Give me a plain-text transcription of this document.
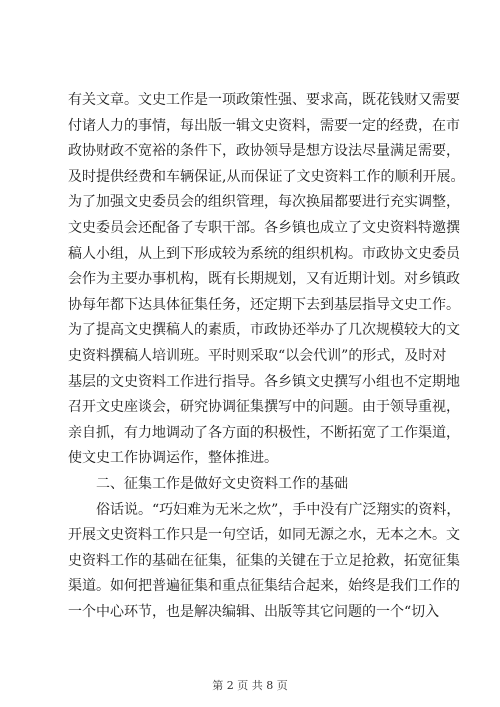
有关文章。文史工作是一项政策性强、要求高，既花钱财又需要
付诸人力的事情，每出版一辑文史资料，需要一定的经费，在市
政协财政不宽裕的条件下，政协领导是想方设法尽量满足需要，
及时提供经费和车辆保证,从而保证了文史资料工作的顺利开展。
为了加强文史委员会的组织管理，每次换届都要进行充实调整，
文史委员会还配备了专职干部。各乡镇也成立了文史资料特邀撰
稿人小组，从上到下形成较为系统的组织机构。市政协文史委员
会作为主要办事机构，既有长期规划，又有近期计划。对乡镇政
协每年都下达具体征集任务，还定期下去到基层指导文史工作。
为了提高文史撰稿人的素质，市政协还举办了几次规模较大的文
史资料撰稿人培训班。平时则采取“以会代训”的形式，及时对
基层的文史资料工作进行指导。各乡镇文史撰写小组也不定期地
召开文史座谈会，研究协调征集撰写中的问题。由于领导重视，
亲自抓，有力地调动了各方面的积极性，不断拓宽了工作渠道，
使文史工作协调运作，整体推进。
二、征集工作是做好文史资料工作的基础
俗话说。“巧妇难为无米之炊”，手中没有广泛翔实的资料，
开展文史资料工作只是一句空话，如同无源之水，无本之木。文
史资料工作的基础在征集，征集的关键在于立足抢救，拓宽征集
渠道。如何把普遍征集和重点征集结合起来，始终是我们工作的
一个中心环节，也是解决编辑、出版等其它问题的一个“切入
第 2 页 共 8 页
